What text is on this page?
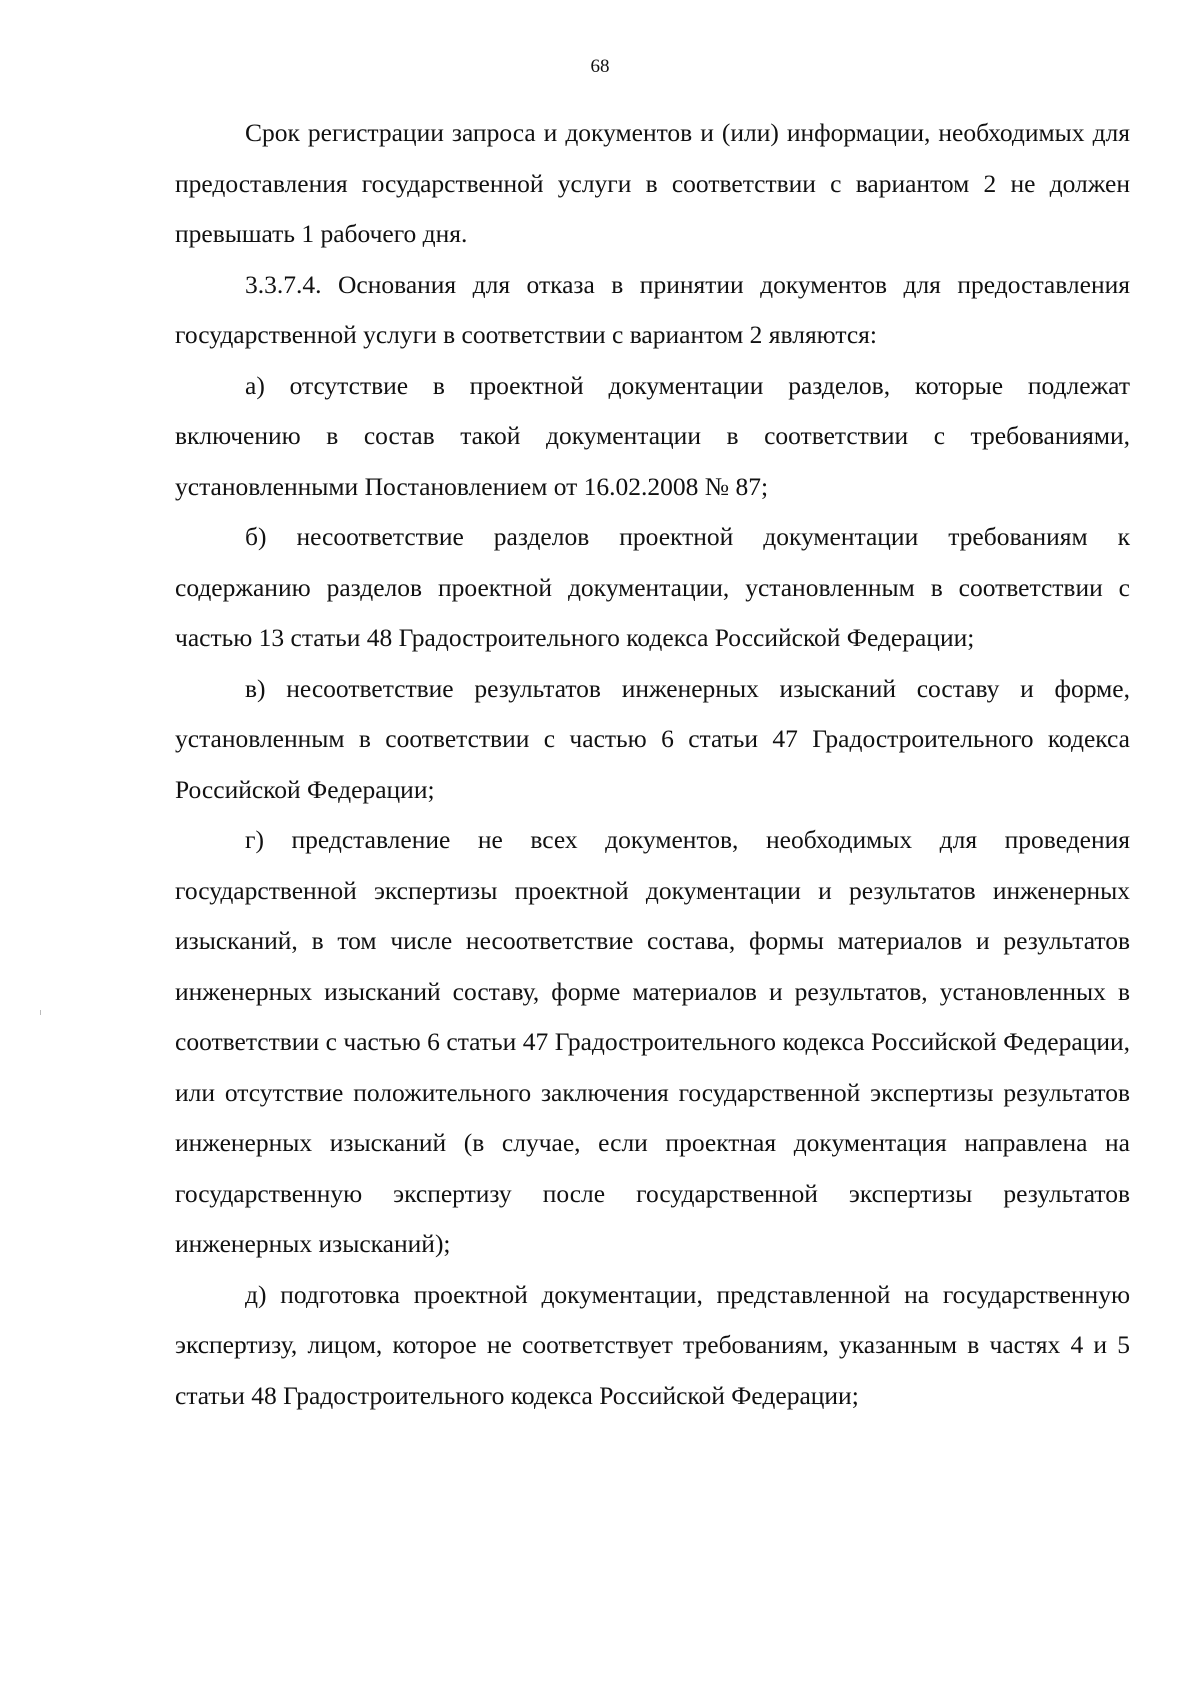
68

Срок регистрации запроса и документов и (или) информации, необходимых для предоставления государственной услуги в соответствии с вариантом 2 не должен превышать 1 рабочего дня.

3.3.7.4. Основания для отказа в принятии документов для предоставления государственной услуги в соответствии с вариантом 2 являются:

а) отсутствие в проектной документации разделов, которые подлежат включению в состав такой документации в соответствии с требованиями, установленными Постановлением от 16.02.2008 № 87;

б) несоответствие разделов проектной документации требованиям к содержанию разделов проектной документации, установленным в соответствии с частью 13 статьи 48 Градостроительного кодекса Российской Федерации;

в) несоответствие результатов инженерных изысканий составу и форме, установленным в соответствии с частью 6 статьи 47 Градостроительного кодекса Российской Федерации;

г) представление не всех документов, необходимых для проведения государственной экспертизы проектной документации и результатов инженерных изысканий, в том числе несоответствие состава, формы материалов и результатов инженерных изысканий составу, форме материалов и результатов, установленных в соответствии с частью 6 статьи 47 Градостроительного кодекса Российской Федерации, или отсутствие положительного заключения государственной экспертизы результатов инженерных изысканий (в случае, если проектная документация направлена на государственную экспертизу после государственной экспертизы результатов инженерных изысканий);

д) подготовка проектной документации, представленной на государственную экспертизу, лицом, которое не соответствует требованиям, указанным в частях 4 и 5 статьи 48 Градостроительного кодекса Российской Федерации;
